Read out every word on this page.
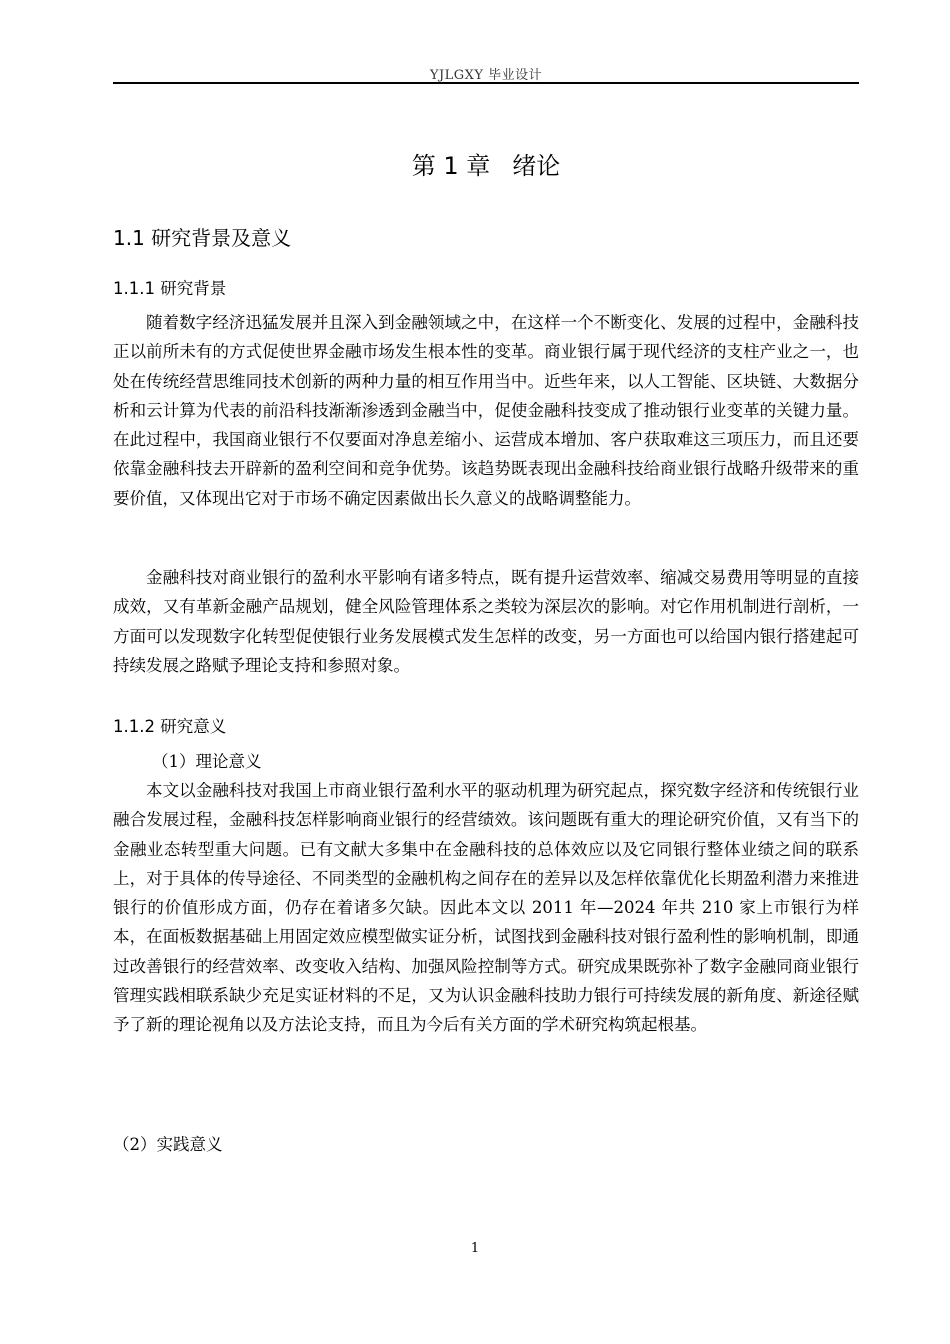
YJLGXY 毕业设计
第 1 章 绪论
1.1 研究背景及意义
1.1.1 研究背景

随着数字经济迅猛发展并且深入到金融领域之中，在这样一个不断变化、发展的过程中，金融科技正以前所未有的方式促使世界金融市场发生根本性的变革。商业银行属于现代经济的支柱产业之一，也处在传统经营思维同技术创新的两种力量的相互作用当中。近些年来，以人工智能、区块链、大数据分析和云计算为代表的前沿科技渐渐渗透到金融当中，促使金融科技变成了推动银行业变革的关键力量。在此过程中，我国商业银行不仅要面对净息差缩小、运营成本增加、客户获取难这三项压力，而且还要依靠金融科技去开辟新的盈利空间和竞争优势。该趋势既表现出金融科技给商业银行战略升级带来的重要价值，又体现出它对于市场不确定因素做出长久意义的战略调整能力。

金融科技对商业银行的盈利水平影响有诸多特点，既有提升运营效率、缩减交易费用等明显的直接成效，又有革新金融产品规划，健全风险管理体系之类较为深层次的影响。对它作用机制进行剖析，一方面可以发现数字化转型促使银行业务发展模式发生怎样的改变，另一方面也可以给国内银行搭建起可持续发展之路赋予理论支持和参照对象。

1.1.2 研究意义
（1）理论意义

本文以金融科技对我国上市商业银行盈利水平的驱动机理为研究起点，探究数字经济和传统银行业融合发展过程，金融科技怎样影响商业银行的经营绩效。该问题既有重大的理论研究价值，又有当下的金融业态转型重大问题。已有文献大多集中在金融科技的总体效应以及它同银行整体业绩之间的联系上，对于具体的传导途径、不同类型的金融机构之间存在的差异以及怎样依靠优化长期盈利潜力来推进银行的价值形成方面，仍存在着诸多欠缺。因此本文以 2011 年—2024 年共 210 家上市银行为样本，在面板数据基础上用固定效应模型做实证分析，试图找到金融科技对银行盈利性的影响机制，即通过改善银行的经营效率、改变收入结构、加强风险控制等方式。研究成果既弥补了数字金融同商业银行管理实践相联系缺少充足实证材料的不足，又为认识金融科技助力银行可持续发展的新角度、新途径赋予了新的理论视角以及方法论支持，而且为今后有关方面的学术研究构筑起根基。

（2）实践意义
1
